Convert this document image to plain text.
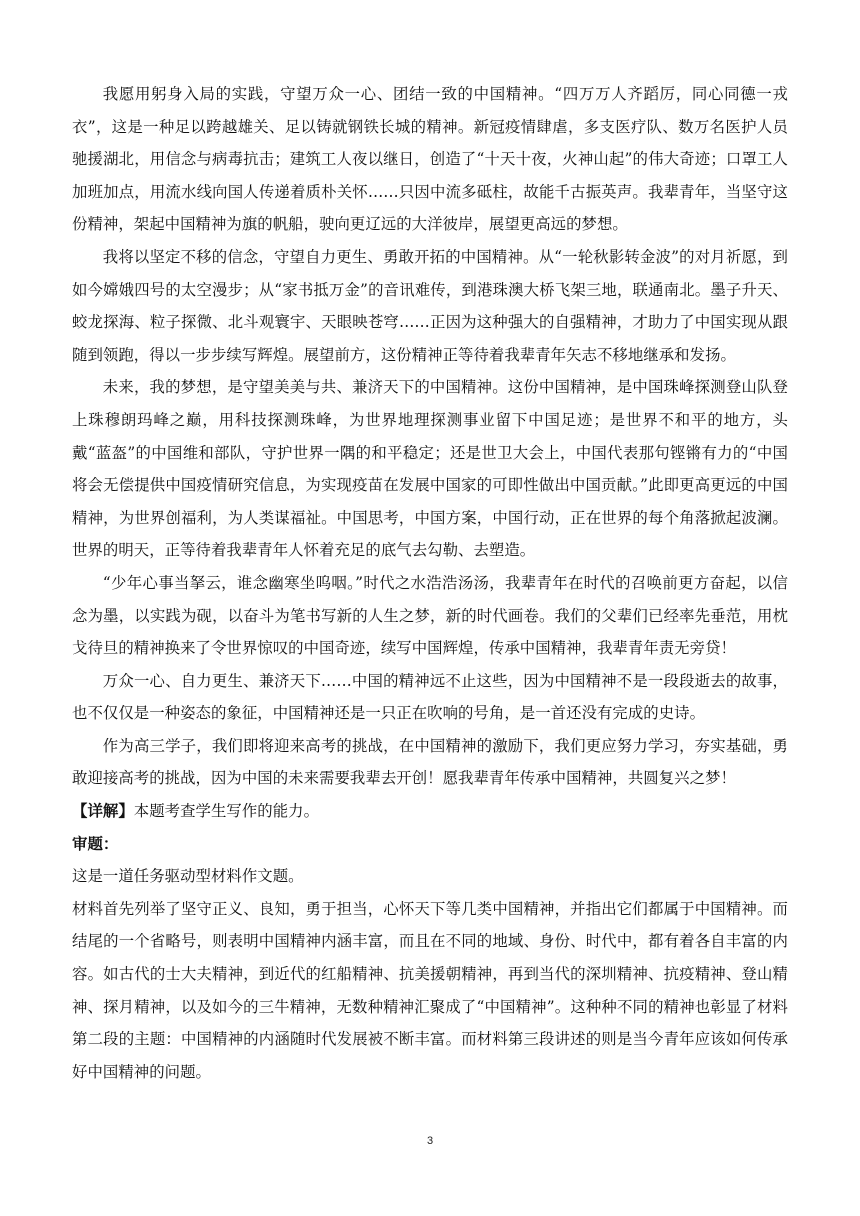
我愿用躬身入局的实践，守望万众一心、团结一致的中国精神。“四万万人齐蹈厉，同心同德一戎衣”，这是一种足以跨越雄关、足以铸就钢铁长城的精神。新冠疫情肆虐，多支医疗队、数万名医护人员驰援湖北，用信念与病毒抗击；建筑工人夜以继日，创造了“十天十夜，火神山起”的伟大奇迹；口罩工人加班加点，用流水线向国人传递着质朴关怀……只因中流多砥柱，故能千古振英声。我辈青年，当坚守这份精神，架起中国精神为旗的帆船，驶向更辽远的大洋彼岸，展望更高远的梦想。

我将以坚定不移的信念，守望自力更生、勇敢开拓的中国精神。从“一轮秋影转金波”的对月祈愿，到如今嫦娥四号的太空漫步；从“家书抵万金”的音讯难传，到港珠澳大桥飞架三地，联通南北。墨子升天、蛟龙探海、粒子探微、北斗观寰宇、天眼映苍穹……正因为这种强大的自强精神，才助力了中国实现从跟随到领跑，得以一步步续写辉煌。展望前方，这份精神正等待着我辈青年矢志不移地继承和发扬。

未来，我的梦想，是守望美美与共、兼济天下的中国精神。这份中国精神，是中国珠峰探测登山队登上珠穆朗玛峰之巅，用科技探测珠峰，为世界地理探测事业留下中国足迹；是世界不和平的地方，头戴“蓝盔”的中国维和部队，守护世界一隅的和平稳定；还是世卫大会上，中国代表那句铿锵有力的“中国将会无偿提供中国疫情研究信息，为实现疫苗在发展中国家的可即性做出中国贡献。”此即更高更远的中国精神，为世界创福利，为人类谋福祉。中国思考，中国方案，中国行动，正在世界的每个角落掀起波澜。世界的明天，正等待着我辈青年人怀着充足的底气去勾勒、去塑造。

“少年心事当拏云，谁念幽寒坐呜咽。”时代之水浩浩汤汤，我辈青年在时代的召唤前更方奋起，以信念为墨，以实践为砚，以奋斗为笔书写新的人生之梦，新的时代画卷。我们的父辈们已经率先垂范，用枕戈待旦的精神换来了令世界惊叹的中国奇迹，续写中国辉煌，传承中国精神，我辈青年责无旁贷！

万众一心、自力更生、兼济天下……中国的精神远不止这些，因为中国精神不是一段段逝去的故事，也不仅仅是一种姿态的象征，中国精神还是一只正在吹响的号角，是一首还没有完成的史诗。

作为高三学子，我们即将迎来高考的挑战，在中国精神的激励下，我们更应努力学习，夯实基础，勇敢迎接高考的挑战，因为中国的未来需要我辈去开创！愿我辈青年传承中国精神，共圆复兴之梦！

【详解】本题考查学生写作的能力。

审题：

这是一道任务驱动型材料作文题。

材料首先列举了坚守正义、良知，勇于担当，心怀天下等几类中国精神，并指出它们都属于中国精神。而结尾的一个省略号，则表明中国精神内涵丰富，而且在不同的地域、身份、时代中，都有着各自丰富的内容。如古代的士大夫精神，到近代的红船精神、抗美援朝精神，再到当代的深圳精神、抗疫精神、登山精神、探月精神，以及如今的三牛精神，无数种精神汇聚成了“中国精神”。这种种不同的精神也彰显了材料第二段的主题：中国精神的内涵随时代发展被不断丰富。而材料第三段讲述的则是当今青年应该如何传承好中国精神的问题。

3
